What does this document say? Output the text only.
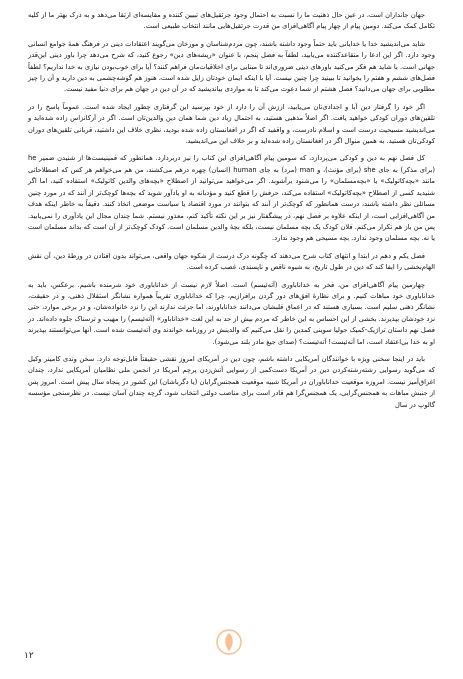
جهان جانداران است، در عین حال ذهنیت ما را نسبت به احتمال وجود جرثقیل‌های تبیین کننده و مقایسه‌ای ارتقا می‌دهد و به درک بهتر ما از کلیه تکامل کمک می‌کند. دومین پیام از چهار پیام آگاهی‌افزای من قدرت جرثقیل‌هایی مانند انتخاب طبیعی است.

شاید می‌اندیشید خدا یا خدایانی باید حتماً وجود داشته باشند، چون مردم‌شناسان و مورخان می‌گویند اعتقادات دینی در فرهنگ همهٔ جوامع انسانی وجود دارد. اگر این ادعا را متقاعدکننده می‌یابید، لطفاً به فصل پنجم، با عنوان «ریشه‌های دین» رجوع کنید، که شرح می‌دهد چرا باور دینی این‌قدر جهانی است. یا شاید هم فکر می‌کنید باورهای دینی ضروری‌اند تا مبنایی برای اخلاقیات‌مان فراهم کنند؟ آیا برای خوب‌بودن نیازی به خدا نداریم؟ لطفاً فصل‌های ششم و هفتم را بخوانید تا ببینید چرا چنین نیست. آیا با اینکه ایمان خودتان زایل شده است، هنوز هم گوشه‌چشمی به دین دارید و آن را چیز مطلوبی برای جهان می‌دانید؟ فصل هشتم از شما دعوت می‌کند تا به مواردی بیاندیشید که در آن دین در جهان هم برای دنیا مفید نیست.

اگر خود را گرفتار دین آبا و اجدادی‌تان می‌یابید، ارزش آن را دارد از خود بپرسید این گرفتاری چطور ایجاد شده است. عموماً پاسخ را در تلقین‌های دوران کودکی خواهید یافت. اگر اصلاً مذهبی هستید، به احتمال زیاد دین شما همان دین والدین‌تان است. اگر در آرکانزاس زاده شده‌اید و می‌اندیشید مسیحیت درست است و اسلام نادرست، و واقفید که اگر در افغانستان زاده شده بودید، نظری خلاف این داشتید، قربانی تلقین‌های دوران کودکی‌تان هستید. به همین منوال اگر در افغانستان زاده شده‌اید و بر خلاف این می‌اندیشید.

کل فصل نهم به دین و کودکی می‌پردازد، که سومین پیام آگاهی‌افزای این کتاب را نیز دربردارد. همانطور که فمینیست‌ها از شنیدن ضمیر he (برای مذکر) به جای she (برای مؤنث)، و man (مرد) به جای human (انسان) چهره درهم می‌کشند، من هم می‌خواهم هر کس که اصطلاحاتی مانند «بچه‌کاتولیک» یا «بچه‌مسلمان» را می‌شنود برآشوبد. اگر می‌خواهید می‌توانید از اصطلاح «بچه‌های والدین کاتولیک» استفاده کنید، اما اگر شنیدید کسی از اصطلاح «بچه‌کاتولیک» استفاده می‌کند، حرفش را قطع کنید و مؤدبانه به او یادآور شوید که بچه‌ها کوچک‌تر از آنند که در مورد چنین مسائلی نظر داشته باشند، درست همانطور که کوچک‌تر از آنند که بتوانند در مورد اقتصاد یا سیاست موضعی اتخاذ کنند. دقیقاً به خاطر اینکه هدف من آگاهی‌افزایی است، از اینکه علاوه بر فصل نهم، در پیشگفتار نیز بر این نکته تأکید کنم، معذور نیستم. شما چندان مجال این یادآوری را نمی‌یابید. پس من باز هم تکرار می‌کنم. فلان کودک یک بچه مسلمان نیست، بلکه بچهٔ والدین مسلمان است. کودک کوچک‌تر از آن است که بداند مسلمان است یا نه. بچه مسلمان وجود ندارد. بچه مسیحی هم وجود ندارد.

فصل یکم و دهم در ابتدا و انتهای کتاب شرح می‌دهند که چگونه درک درست از شکوه جهان واقعی، می‌تواند بدون افتادن در ورطهٔ دین، آن نقش الهام‌بخشی را ایفا کند که دین در طول تاریخ، به شیوه ناقص و ناپسندی، غصب کرده است.

چهارمین پیام آگاهی‌افزای من، فخر به خداناباوری (آته‌ئیسم) است. اصلاً لازم نیست از خداناباوری خود شرمنده باشیم. برعکس، باید به خداناباوری خود مباهات کنیم. و برای نظارهٔ افق‌های دور گردن برافرازیم، چرا که خداناباوری تقریباً همواره نشانگر استقلال ذهنی، و در حقیقت، نشانگر ذهنی سلیم است. بسیاری هستند که در اعماق قلبشان می‌دانند خداناباورند، اما جرئت ندارند این را نزد خانواده‌شان، و در برخی موارد، حتی نزد خودشان بپذیرند. بخشی از این احساس به این خاطر که مردم بیش از حد به این لغت «خداناباور» (آته‌ئیسم) را مهیب و ترسناک جلوه داده‌اند. در فصل نهم داستان تراژیک-کمیک جولیا سوینی کمدین را نقل می‌کنیم که والدینش در روزنامه خواندند وی آته‌ئیست شده است. آنها می‌توانستند بپذیرند او به خدا بی‌اعتقاد است، اما آته‌ئیست! آته‌ئیست؟ (صدای جیغ مادر بلند می‌شود).

باید در اینجا سخنی ویژه با خوانندگان آمریکایی داشته باشم، چون دین در آمریکای امروز نقشی حقیقتاً قابل‌توجه دارد. سخن وندی کامینر وکیل که می‌گوید رسوایی رشته‌رشته‌کردن دین در آمریکا دست‌کمی از رسوایی آتش‌زدن پرچم آمریکا در انجمن ملی نظامیان آمریکایی ندارد، چندان اغراق‌آمیز نیست. امروزه موقعیت خداناباوران در آمریکا شبیه موقعیت همجنس‌گرایان (یا دگرباشان) این کشور در پنجاه سال پیش است. امروز پس از جنبش مباهات به همجنس‌گرایی، یک همجنس‌گرا هم قادر است برای مناصب دولتی انتخاب شود، گرچه چندان آسان نیست. در نظرسنجی مؤسسه گالوپ در سال

۱۲
